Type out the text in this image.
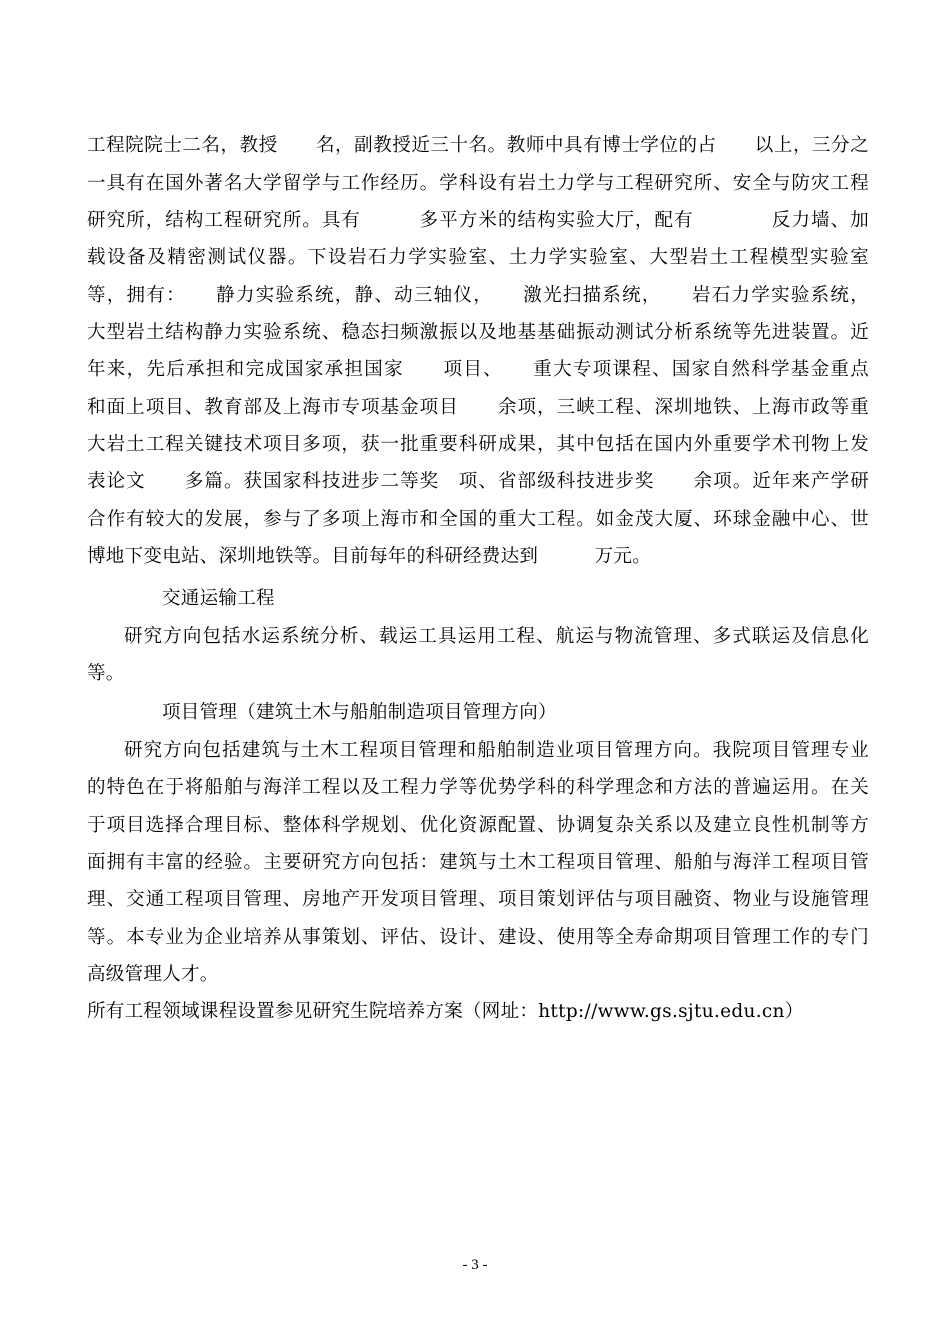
工程院院士二名，教授　　名，副教授近三十名。教师中具有博士学位的占　　以上，三分之
一具有在国外著名大学留学与工作经历。学科设有岩土力学与工程研究所、安全与防灾工程
研究所，结构工程研究所。具有　　　多平方米的结构实验大厅，配有　　　　反力墙、加
载设备及精密测试仪器。下设岩石力学实验室、土力学实验室、大型岩土工程模型实验室
等，拥有：　　静力实验系统，静、动三轴仪，　　激光扫描系统，　　岩石力学实验系统，
大型岩土结构静力实验系统、稳态扫频激振以及地基基础振动测试分析系统等先进装置。近
年来，先后承担和完成国家承担国家　　项目、　　重大专项课程、国家自然科学基金重点
和面上项目、教育部及上海市专项基金项目　　余项，三峡工程、深圳地铁、上海市政等重
大岩土工程关键技术项目多项，获一批重要科研成果，其中包括在国内外重要学术刊物上发
表论文　　多篇。获国家科技进步二等奖　项、省部级科技进步奖　　余项。近年来产学研
合作有较大的发展，参与了多项上海市和全国的重大工程。如金茂大厦、环球金融中心、世
博地下变电站、深圳地铁等。目前每年的科研经费达到　　　万元。
交通运输工程
研究方向包括水运系统分析、载运工具运用工程、航运与物流管理、多式联运及信息化
等。
项目管理（建筑土木与船舶制造项目管理方向）
研究方向包括建筑与土木工程项目管理和船舶制造业项目管理方向。我院项目管理专业
的特色在于将船舶与海洋工程以及工程力学等优势学科的科学理念和方法的普遍运用。在关
于项目选择合理目标、整体科学规划、优化资源配置、协调复杂关系以及建立良性机制等方
面拥有丰富的经验。主要研究方向包括：建筑与土木工程项目管理、船舶与海洋工程项目管
理、交通工程项目管理、房地产开发项目管理、项目策划评估与项目融资、物业与设施管理
等。本专业为企业培养从事策划、评估、设计、建设、使用等全寿命期项目管理工作的专门
高级管理人才。
所有工程领域课程设置参见研究生院培养方案（网址：http://www.gs.sjtu.edu.cn）
- 3 -
